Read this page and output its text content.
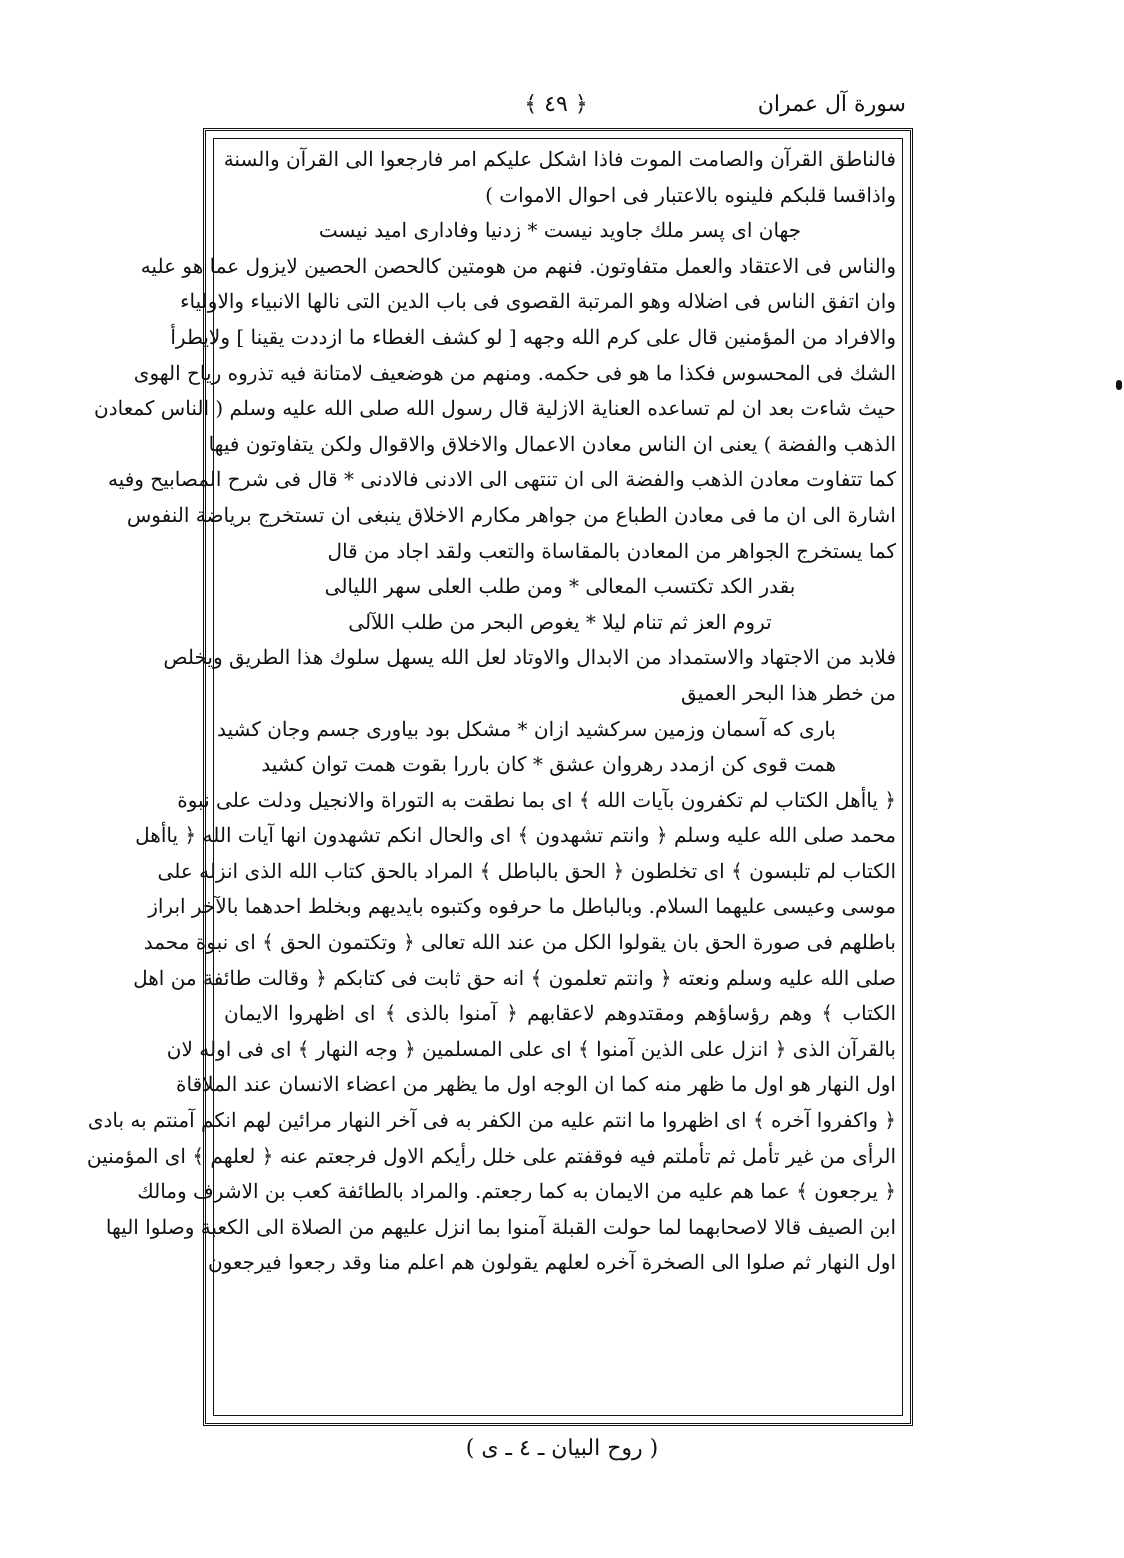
سورة آل عمران
﴾ ٤٩ ﴿
فالناطق القرآن والصامت الموت فاذا اشكل عليكم امر فارجعوا الى القرآن والسنة
واذاقسا قلبكم فلينوه بالاعتبار فى احوال الاموات )
جهان اى پسر ملك جاويد نيست * زدنيا وفادارى اميد نيست
والناس فى الاعتقاد والعمل متفاوتون. فنهم من هومتين كالحصن الحصين لايزول عما هو عليه
وان اتفق الناس فى اضلاله وهو المرتبة القصوى فى باب الدين التى نالها الانبياء والاولياء
والافراد من المؤمنين قال على كرم الله وجهه [ لو كشف الغطاء ما ازددت يقينا ] ولايطرأ
الشك فى المحسوس فكذا ما هو فى حكمه. ومنهم من هوضعيف لامتانة فيه تذروه رياح الهوى
حيث شاءت بعد ان لم تساعده العناية الازلية قال رسول الله صلى الله عليه وسلم ( الناس كمعادن
الذهب والفضة ) يعنى ان الناس معادن الاعمال والاخلاق والاقوال ولكن يتفاوتون فيها
كما تتفاوت معادن الذهب والفضة الى ان تنتهى الى الادنى فالادنى * قال فى شرح المصابيح وفيه
اشارة الى ان ما فى معادن الطباع من جواهر مكارم الاخلاق ينبغى ان تستخرج برياضة النفوس
كما يستخرج الجواهر من المعادن بالمقاساة والتعب ولقد اجاد من قال
بقدر الكد تكتسب المعالى * ومن طلب العلى سهر الليالى
تروم العز ثم تنام ليلا * يغوص البحر من طلب اللآلى
فلابد من الاجتهاد والاستمداد من الابدال والاوتاد لعل الله يسهل سلوك هذا الطريق ويخلص
من خطر هذا البحر العميق
بارى كه آسمان وزمين سركشيد ازان * مشكل بود بياورى جسم وجان كشيد
همت قوى كن ازمدد رهروان عشق * كان باررا بقوت همت توان كشيد
﴿ ياأهل الكتاب لم تكفرون بآيات الله ﴾ اى بما نطقت به التوراة والانجيل ودلت على نبوة
محمد صلى الله عليه وسلم ﴿ وانتم تشهدون ﴾ اى والحال انكم تشهدون انها آيات الله ﴿ ياأهل
الكتاب لم تلبسون ﴾ اى تخلطون ﴿ الحق بالباطل ﴾ المراد بالحق كتاب الله الذى انزله على
موسى وعيسى عليهما السلام. وبالباطل ما حرفوه وكتبوه بايديهم وبخلط احدهما بالآخر ابراز
باطلهم فى صورة الحق بان يقولوا الكل من عند الله تعالى ﴿ وتكتمون الحق ﴾ اى نبوة محمد
صلى الله عليه وسلم ونعته ﴿ وانتم تعلمون ﴾ انه حق ثابت فى كتابكم ﴿ وقالت طائفة من اهل
الكتاب ﴾ وهم رؤساؤهم ومقتدوهم لاعقابهم ﴿ آمنوا بالذى ﴾ اى اظهروا الايمان
بالقرآن الذى ﴿ انزل على الذين آمنوا ﴾ اى على المسلمين ﴿ وجه النهار ﴾ اى فى اوله لان
اول النهار هو اول ما ظهر منه كما ان الوجه اول ما يظهر من اعضاء الانسان عند الملاقاة
﴿ واكفروا آخره ﴾ اى اظهروا ما انتم عليه من الكفر به فى آخر النهار مرائين لهم انكم آمنتم به بادى
الرأى من غير تأمل ثم تأملتم فيه فوقفتم على خلل رأيكم الاول فرجعتم عنه ﴿ لعلهم ﴾ اى المؤمنين
﴿ يرجعون ﴾ عما هم عليه من الايمان به كما رجعتم. والمراد بالطائفة كعب بن الاشرف ومالك
ابن الصيف قالا لاصحابهما لما حولت القبلة آمنوا بما انزل عليهم من الصلاة الى الكعبة وصلوا اليها
اول النهار ثم صلوا الى الصخرة آخره لعلهم يقولون هم اعلم منا وقد رجعوا فيرجعون
( روح البيان ـ ٤ ـ ى )
